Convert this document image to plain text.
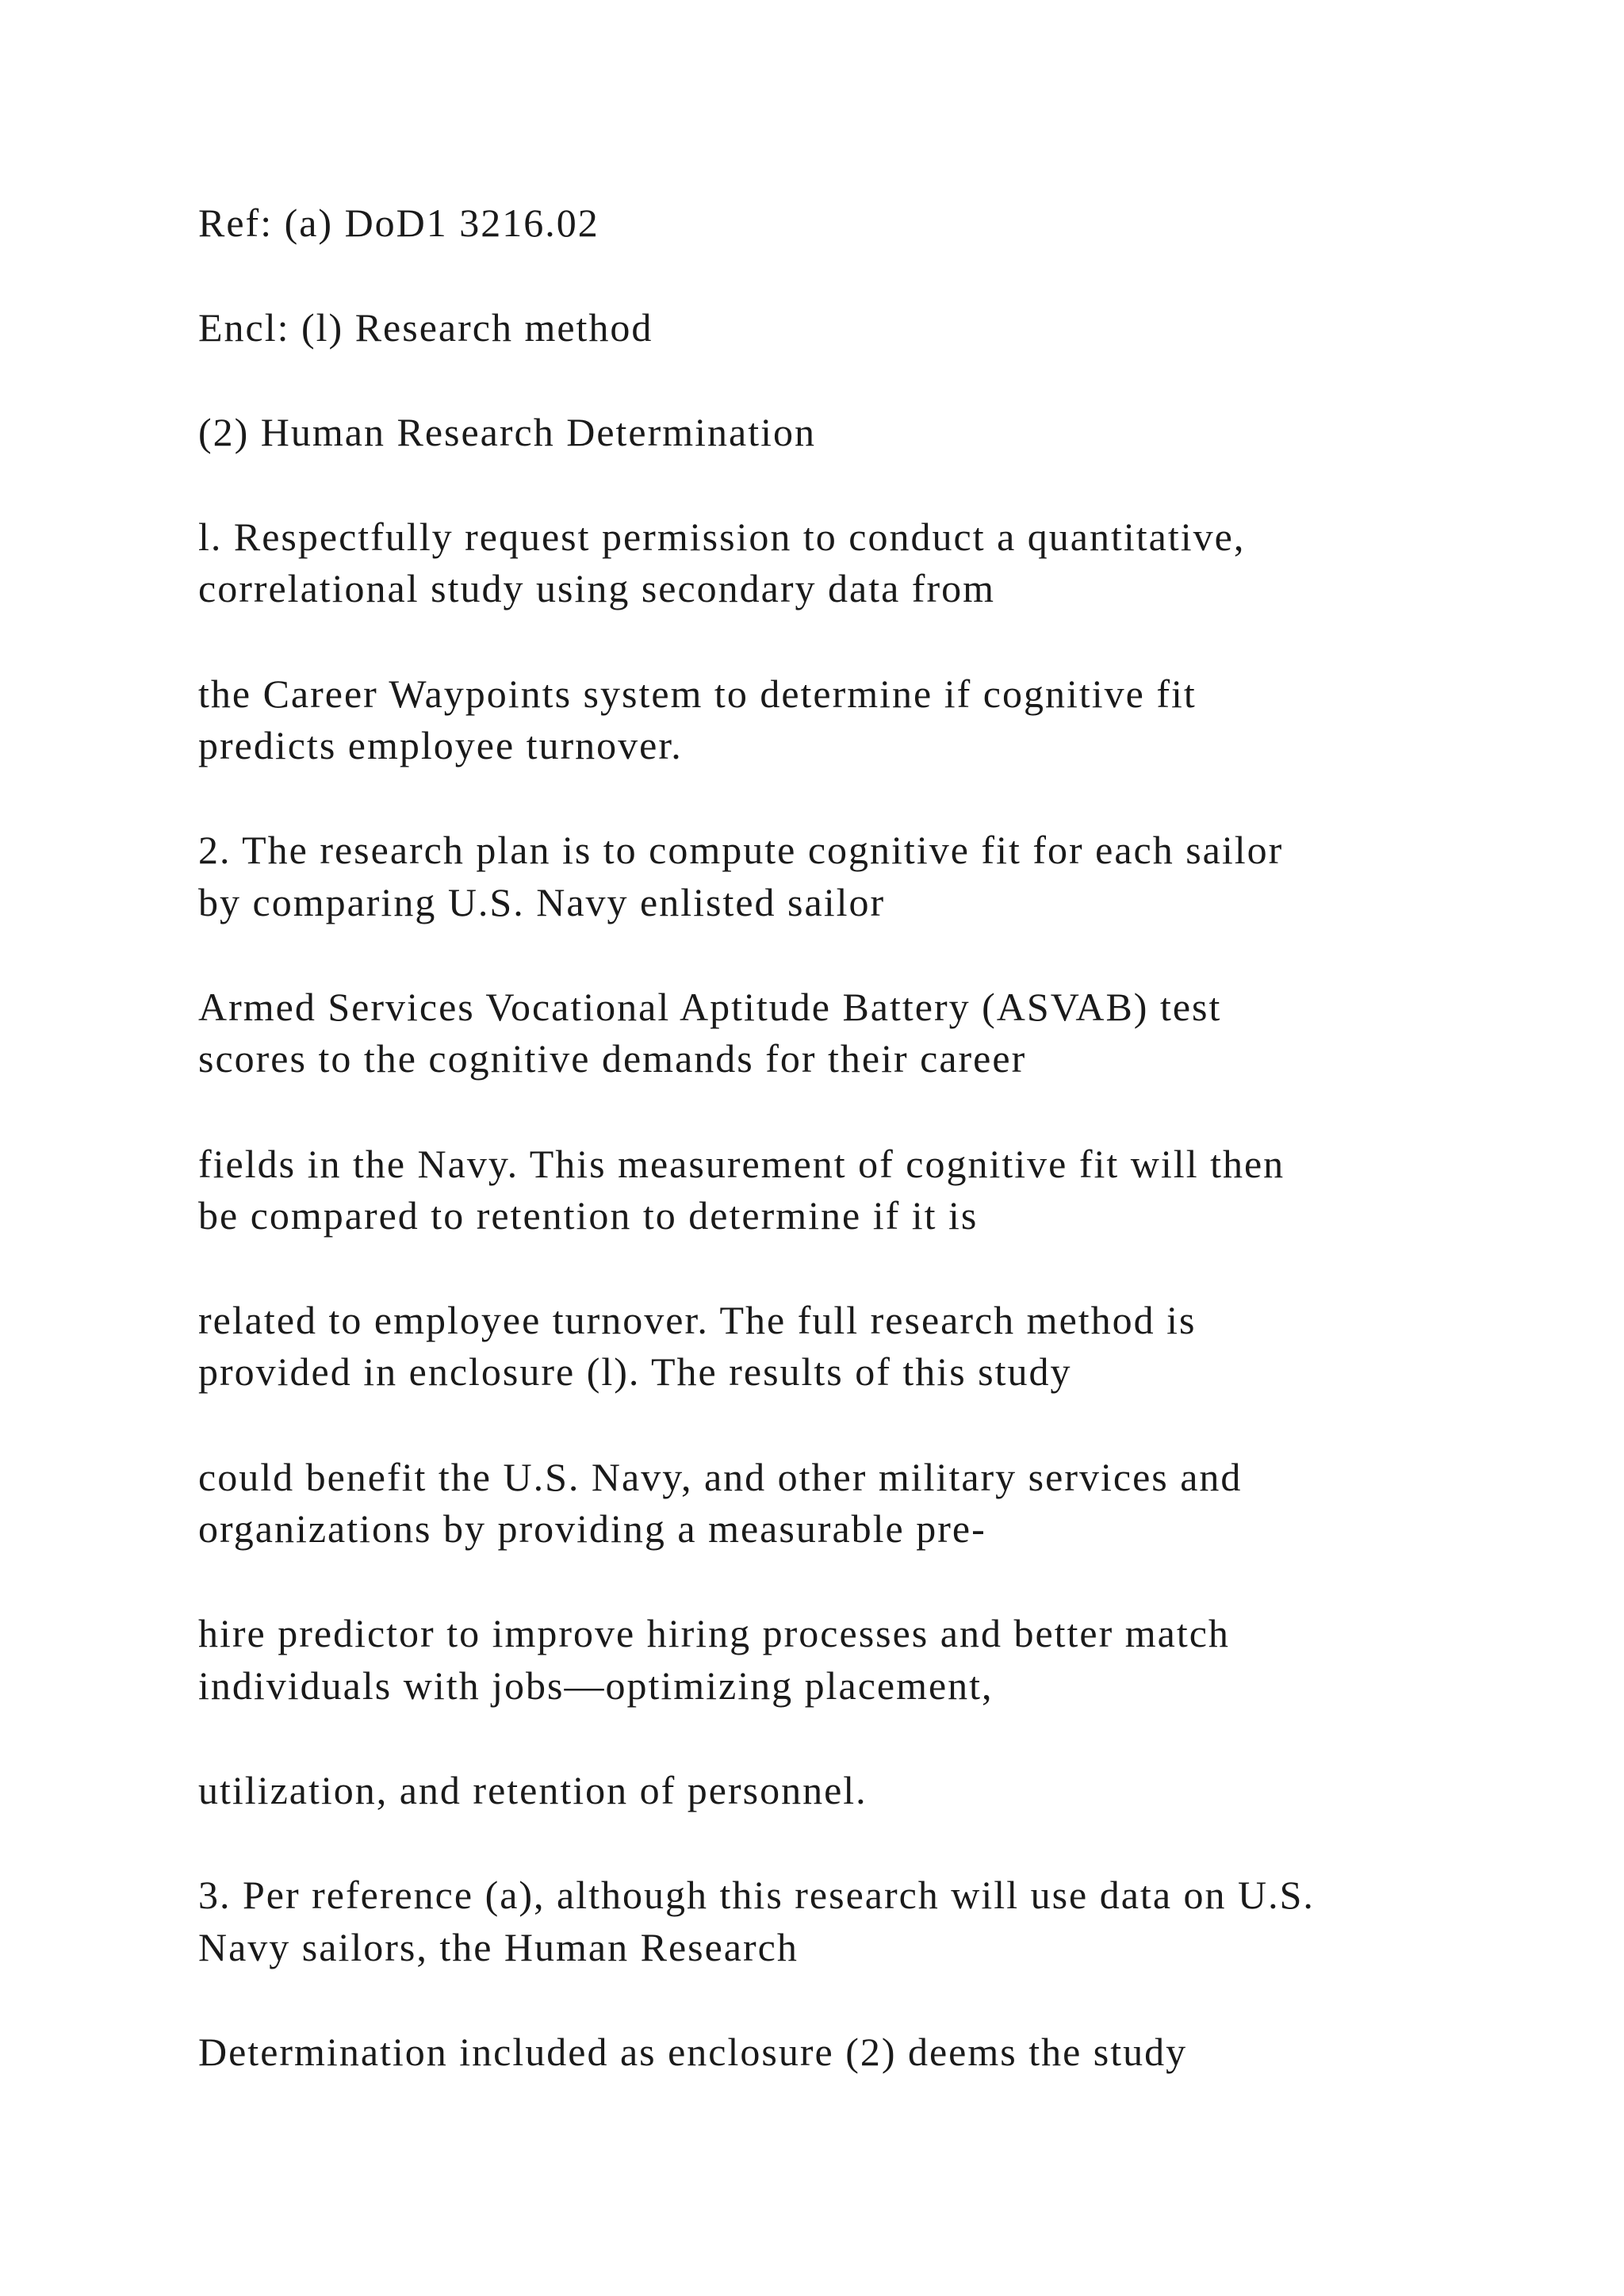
Ref: (a) DoD1 3216.02

Encl: (l) Research method

(2) Human Research Determination

l. Respectfully request permission to conduct a quantitative,

correlational study using secondary data from

the Career Waypoints system to determine if cognitive fit

predicts employee turnover.

2. The research plan is to compute cognitive fit for each sailor

by comparing U.S. Navy enlisted sailor

Armed Services Vocational Aptitude Battery (ASVAB) test

scores to the cognitive demands for their career

fields in the Navy. This measurement of cognitive fit will then

be compared to retention to determine if it is

related to employee turnover. The full research method is

provided in enclosure (l). The results of this study

could benefit the U.S. Navy, and other military services and

organizations by providing a measurable pre-

hire predictor to improve hiring processes and better match

individuals with jobs—optimizing placement,

utilization, and retention of personnel.

3. Per reference (a), although this research will use data on U.S.

Navy sailors, the Human Research

Determination included as enclosure (2) deems the study
